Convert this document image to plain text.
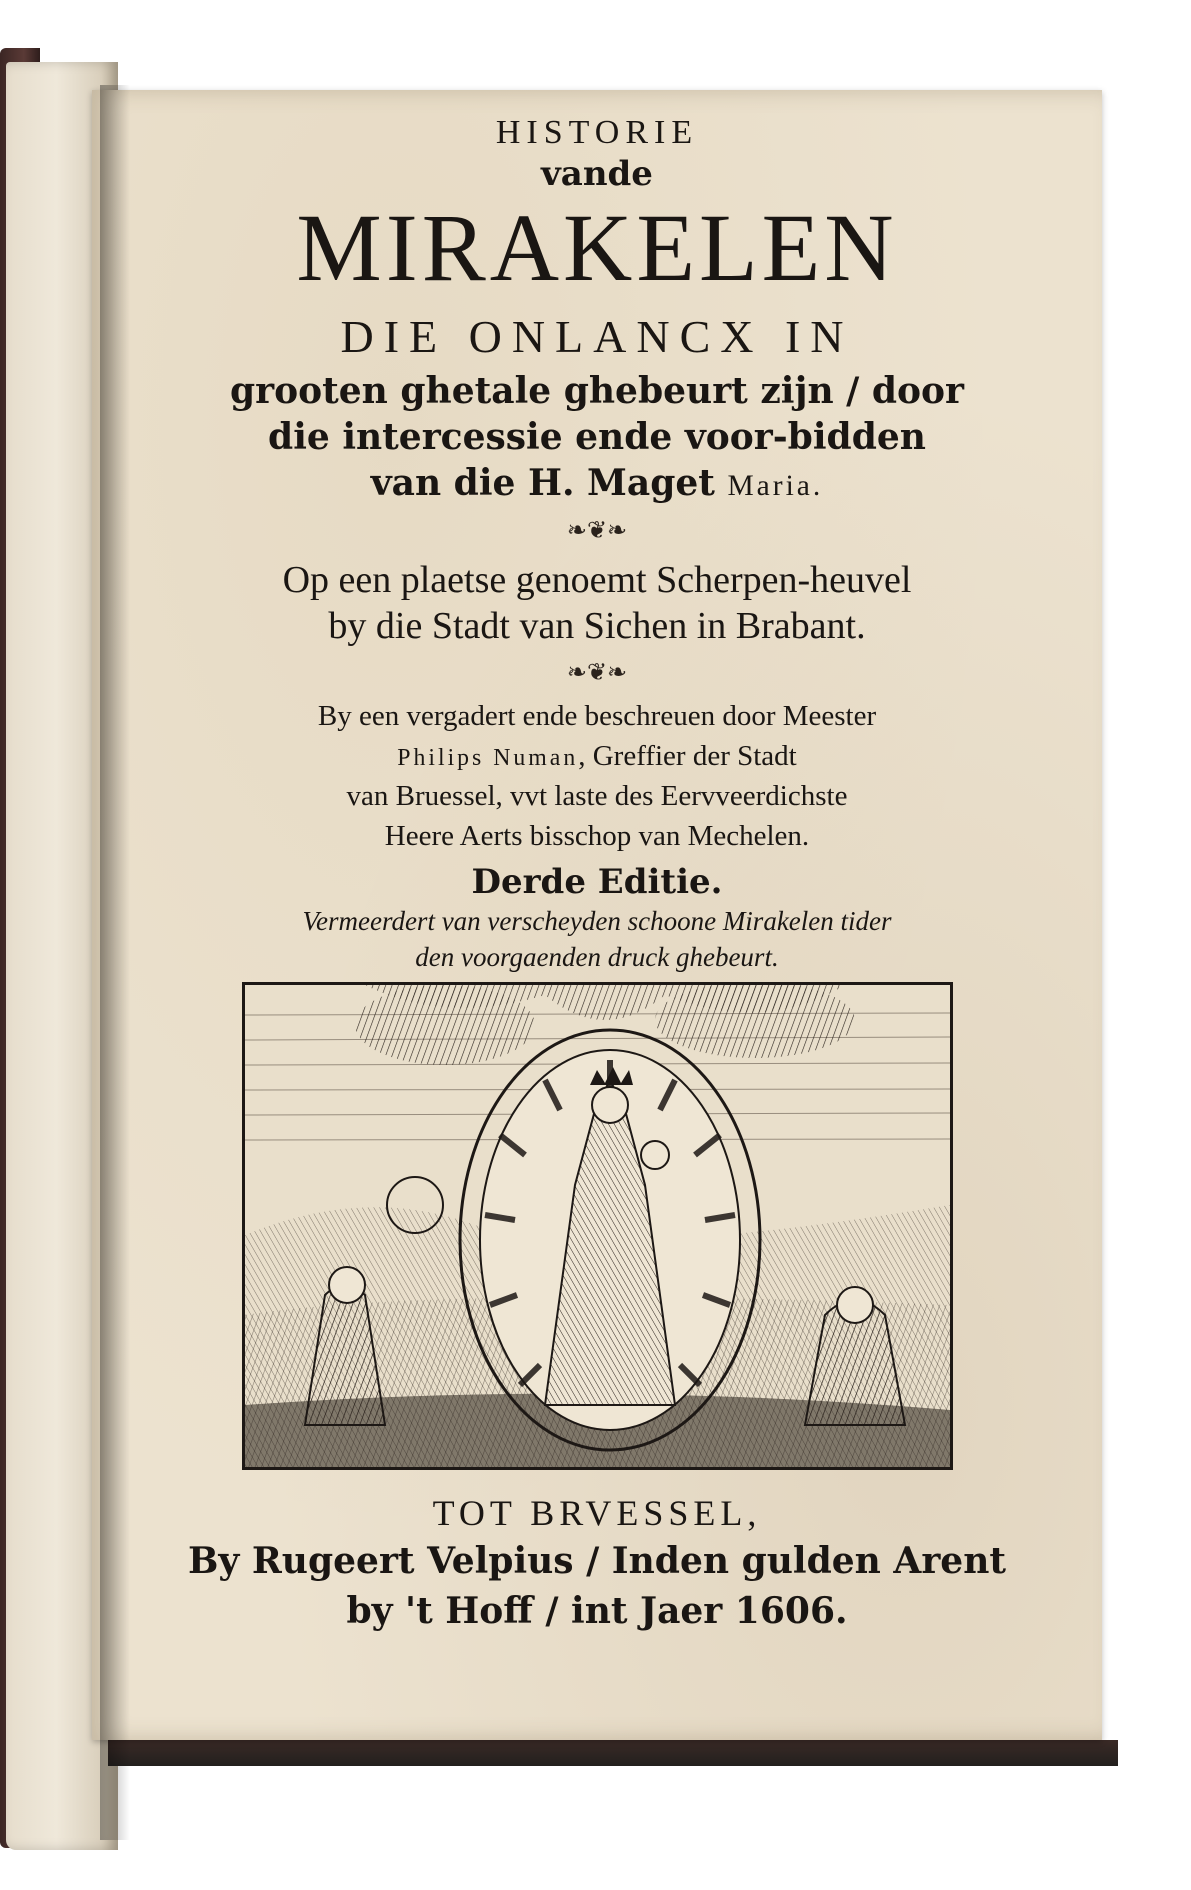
HISTORIE
vande
MIRAKELEN
DIE ONLANCX IN
grooten ghetale ghebeurt zijn / door
die intercessie ende voor-bidden
van die H. Maget Maria.
❧❦❧
Op een plaetse genoemt Scherpen-heuvel
by die Stadt van Sichen in Brabant.
❧❦❧
By een vergadert ende beschreuen door Meester
Philips Numan, Greffier der Stadt
van Bruessel, vvt laste des Eervveerdichste
Heere Aerts bisschop van Mechelen.
Derde Editie.
Vermeerdert van verscheyden schoone Mirakelen tider
den voorgaenden druck ghebeurt.
TOT BRVESSEL,
By Rugeert Velpius / Inden gulden Arent
by 't Hoff / int Jaer 1606.
